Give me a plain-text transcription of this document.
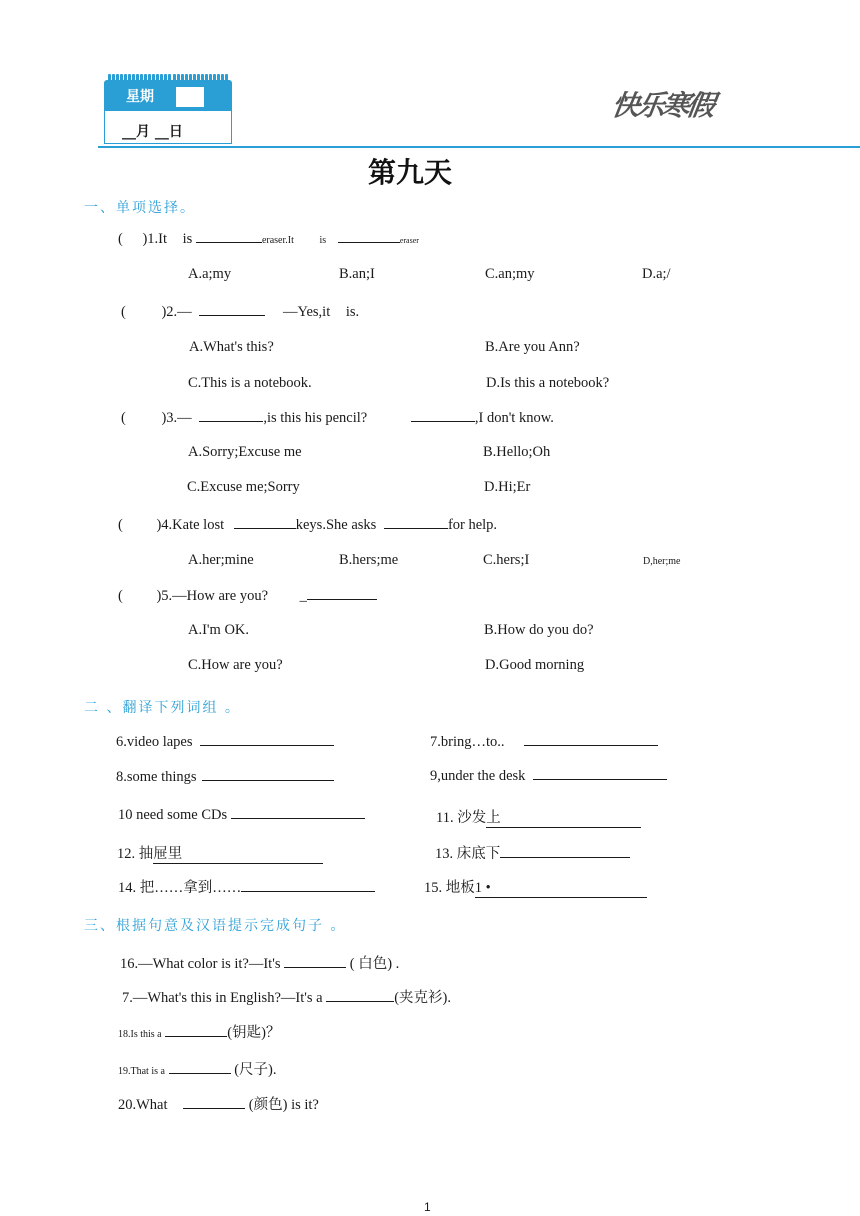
星期
__月 __日
快乐寒假
第九天
一、单项选择。
( )1.It is	eraser.It	is	eraser
A.a;my	B.an;I	C.an;my	D.a;/
( )2.—	—Yes,it is.
A.What's this?	B.Are you Ann?
C.This is a notebook.	D.Is this a notebook?
( )3.—	,is this his pencil?	,I don't know.
A.Sorry;Excuse me	B.Hello;Oh
C.Excuse me;Sorry	D.Hi;Er
( )4.Kate lost	keys.She asks	for help.
A.her;mine	B.hers;me	C.hers;I	D,her;me
( )5.—How are you? _
A.I'm OK.	B.How do you do?
C.How are you?	D.Good morning
二 、翻译下列词组 。
6.video lapes	7.bring…to..
8.some things	9,under the desk
10 need some CDs	11. 沙发上
12. 抽屉里	13. 床底下
14. 把……拿到……	15. 地板1 •
三、根据句意及汉语提示完成句子 。
16.—What color is it?—It's	( 白色) .
7.—What's this in English?—It's a	(夹克衫).
18.Is this a	(钥匙)？
19.That is a	(尺子).
20.What	(颜色) is it?
1
